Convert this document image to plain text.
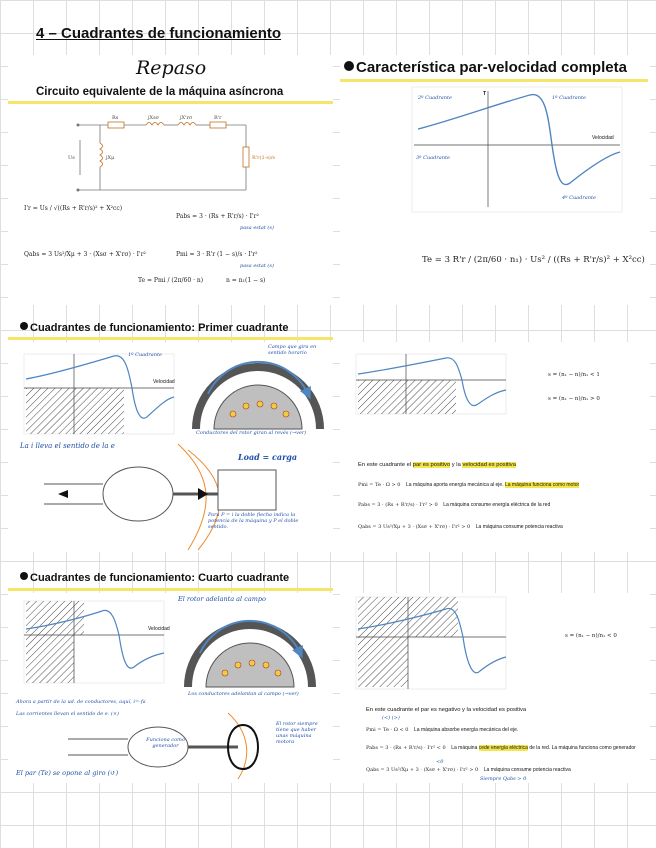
4 – Cuadrantes de funcionamiento
Repaso
Circuito equivalente de la máquina asíncrona
Us	jXμ
Rs	jXsσ	jX'rσ	R'r
R'r(1-s)/s
I'r = Us / √((Rs + R'r/s)² + X²cc)
Pabs = 3 · (Rs + R'r/s) · I'r²
pasa estat (s)
Qabs = 3 Us²/Xμ + 3 · (Xsσ + X'rσ) · I'r²	Pmi = 3 · R'r (1 − s)/s · I'r²
pasa estat (s)
Te = Pmi / (2π/60 · n)	n = n₁(1 − s)
Característica par-velocidad completa
2º Cuadrante
T
1º Cuadrante
Velocidad
3º Cuadrante
4º Cuadrante
Te = 3 R'r / (2π/60 · n₁) · Us² / ((Rs + R'r/s)² + X²cc)
Cuadrantes de funcionamiento: Primer cuadrante
1º Cuadrante
Velocidad
Campo que gira en sentido horario
Conductores del rotor giran al revés (→ver)
La i lleva el sentido de la e
Load = carga
Para P = i la doble flecha indica la potencia de la máquina y P el doble sentido.
s = (n₁ − n)/n₁ < 1
s = (n₁ − n)/n₁ > 0
En este cuadrante el par es positivo y la velocidad es positiva
Pmi = Te · Ω > 0 La máquina aporta energía mecánica al eje. La máquina funciona como motor
Pabs = 3 · (Rs + R'r/s) · I'r² > 0 La máquina consume energía eléctrica de la red
Qabs = 3 Us²/Xμ + 3 · (Xsσ + X'rσ) · I'r² > 0 La máquina consume potencia reactiva
Cuadrantes de funcionamiento: Cuarto cuadrante
Velocidad
El rotor adelanta al campo
Los conductores adelantan al campo (→ver)
Ahora a partir de la ud. de conductores, aquí, i=-fa
Las corrientes llevan el sentido de e. (×)
Funciona como generador
El rotor siempre tiene que haber unas máquina motora
El par (Te) se opone al giro (↺)
s = (n₁ − n)/n₁ < 0
En este cuadrante el par es negativo y la velocidad es positiva
(<) (>)
Pmi = Te · Ω < 0 La máquina absorbe energía mecánica del eje.
Pabs = 3 · (Rs + R'r/s) · I'r² < 0 La máquina cede energía eléctrica de la red. La máquina funciona como generador
<0
Qabs = 3 Us²/Xμ + 3 · (Xsσ + X'rσ) · I'r² > 0 La máquina consume potencia reactiva
Siempre Qabs > 0
